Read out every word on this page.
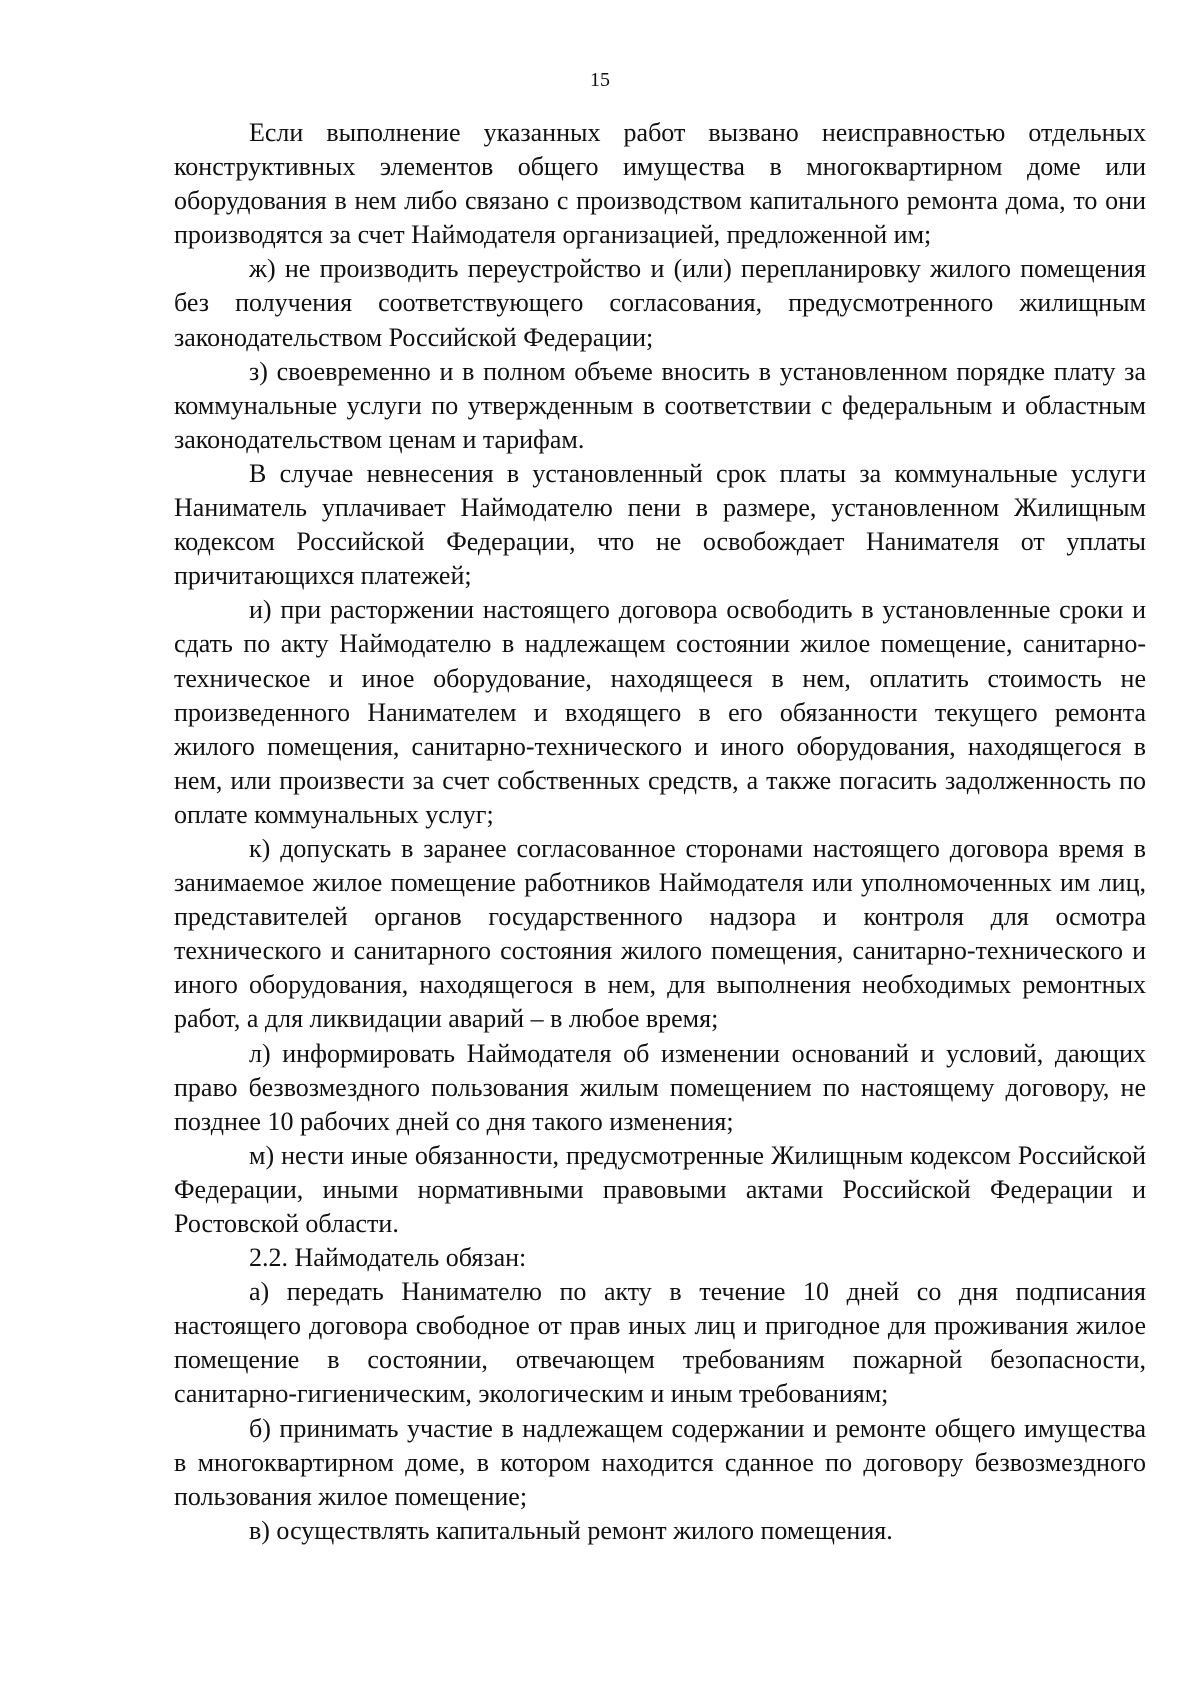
15

Если выполнение указанных работ вызвано неисправностью отдельных конструктивных элементов общего имущества в многоквартирном доме или оборудования в нем либо связано с производством капитального ремонта дома, то они производятся за счет Наймодателя организацией, предложенной им;

ж) не производить переустройство и (или) перепланировку жилого помещения без получения соответствующего согласования, предусмотренного жилищным законодательством Российской Федерации;

з) своевременно и в полном объеме вносить в установленном порядке плату за коммунальные услуги по утвержденным в соответствии с федеральным и областным законодательством ценам и тарифам.

В случае невнесения в установленный срок платы за коммунальные услуги Наниматель уплачивает Наймодателю пени в размере, установленном Жилищным кодексом Российской Федерации, что не освобождает Нанимателя от уплаты причитающихся платежей;

и) при расторжении настоящего договора освободить в установленные сроки и сдать по акту Наймодателю в надлежащем состоянии жилое помещение, санитарно-техническое и иное оборудование, находящееся в нем, оплатить стоимость не произведенного Нанимателем и входящего в его обязанности текущего ремонта жилого помещения, санитарно-технического и иного оборудования, находящегося в нем, или произвести за счет собственных средств, а также погасить задолженность по оплате коммунальных услуг;

к) допускать в заранее согласованное сторонами настоящего договора время в занимаемое жилое помещение работников Наймодателя или уполномоченных им лиц, представителей органов государственного надзора и контроля для осмотра технического и санитарного состояния жилого помещения, санитарно-технического и иного оборудования, находящегося в нем, для выполнения необходимых ремонтных работ, а для ликвидации аварий – в любое время;

л) информировать Наймодателя об изменении оснований и условий, дающих право безвозмездного пользования жилым помещением по настоящему договору, не позднее 10 рабочих дней со дня такого изменения;

м) нести иные обязанности, предусмотренные Жилищным кодексом Российской Федерации, иными нормативными правовыми актами Российской Федерации и Ростовской области.

2.2. Наймодатель обязан:

а) передать Нанимателю по акту в течение 10 дней со дня подписания настоящего договора свободное от прав иных лиц и пригодное для проживания жилое помещение в состоянии, отвечающем требованиям пожарной безопасности, санитарно-гигиеническим, экологическим и иным требованиям;

б) принимать участие в надлежащем содержании и ремонте общего имущества в многоквартирном доме, в котором находится сданное по договору безвозмездного пользования жилое помещение;

в) осуществлять капитальный ремонт жилого помещения.
